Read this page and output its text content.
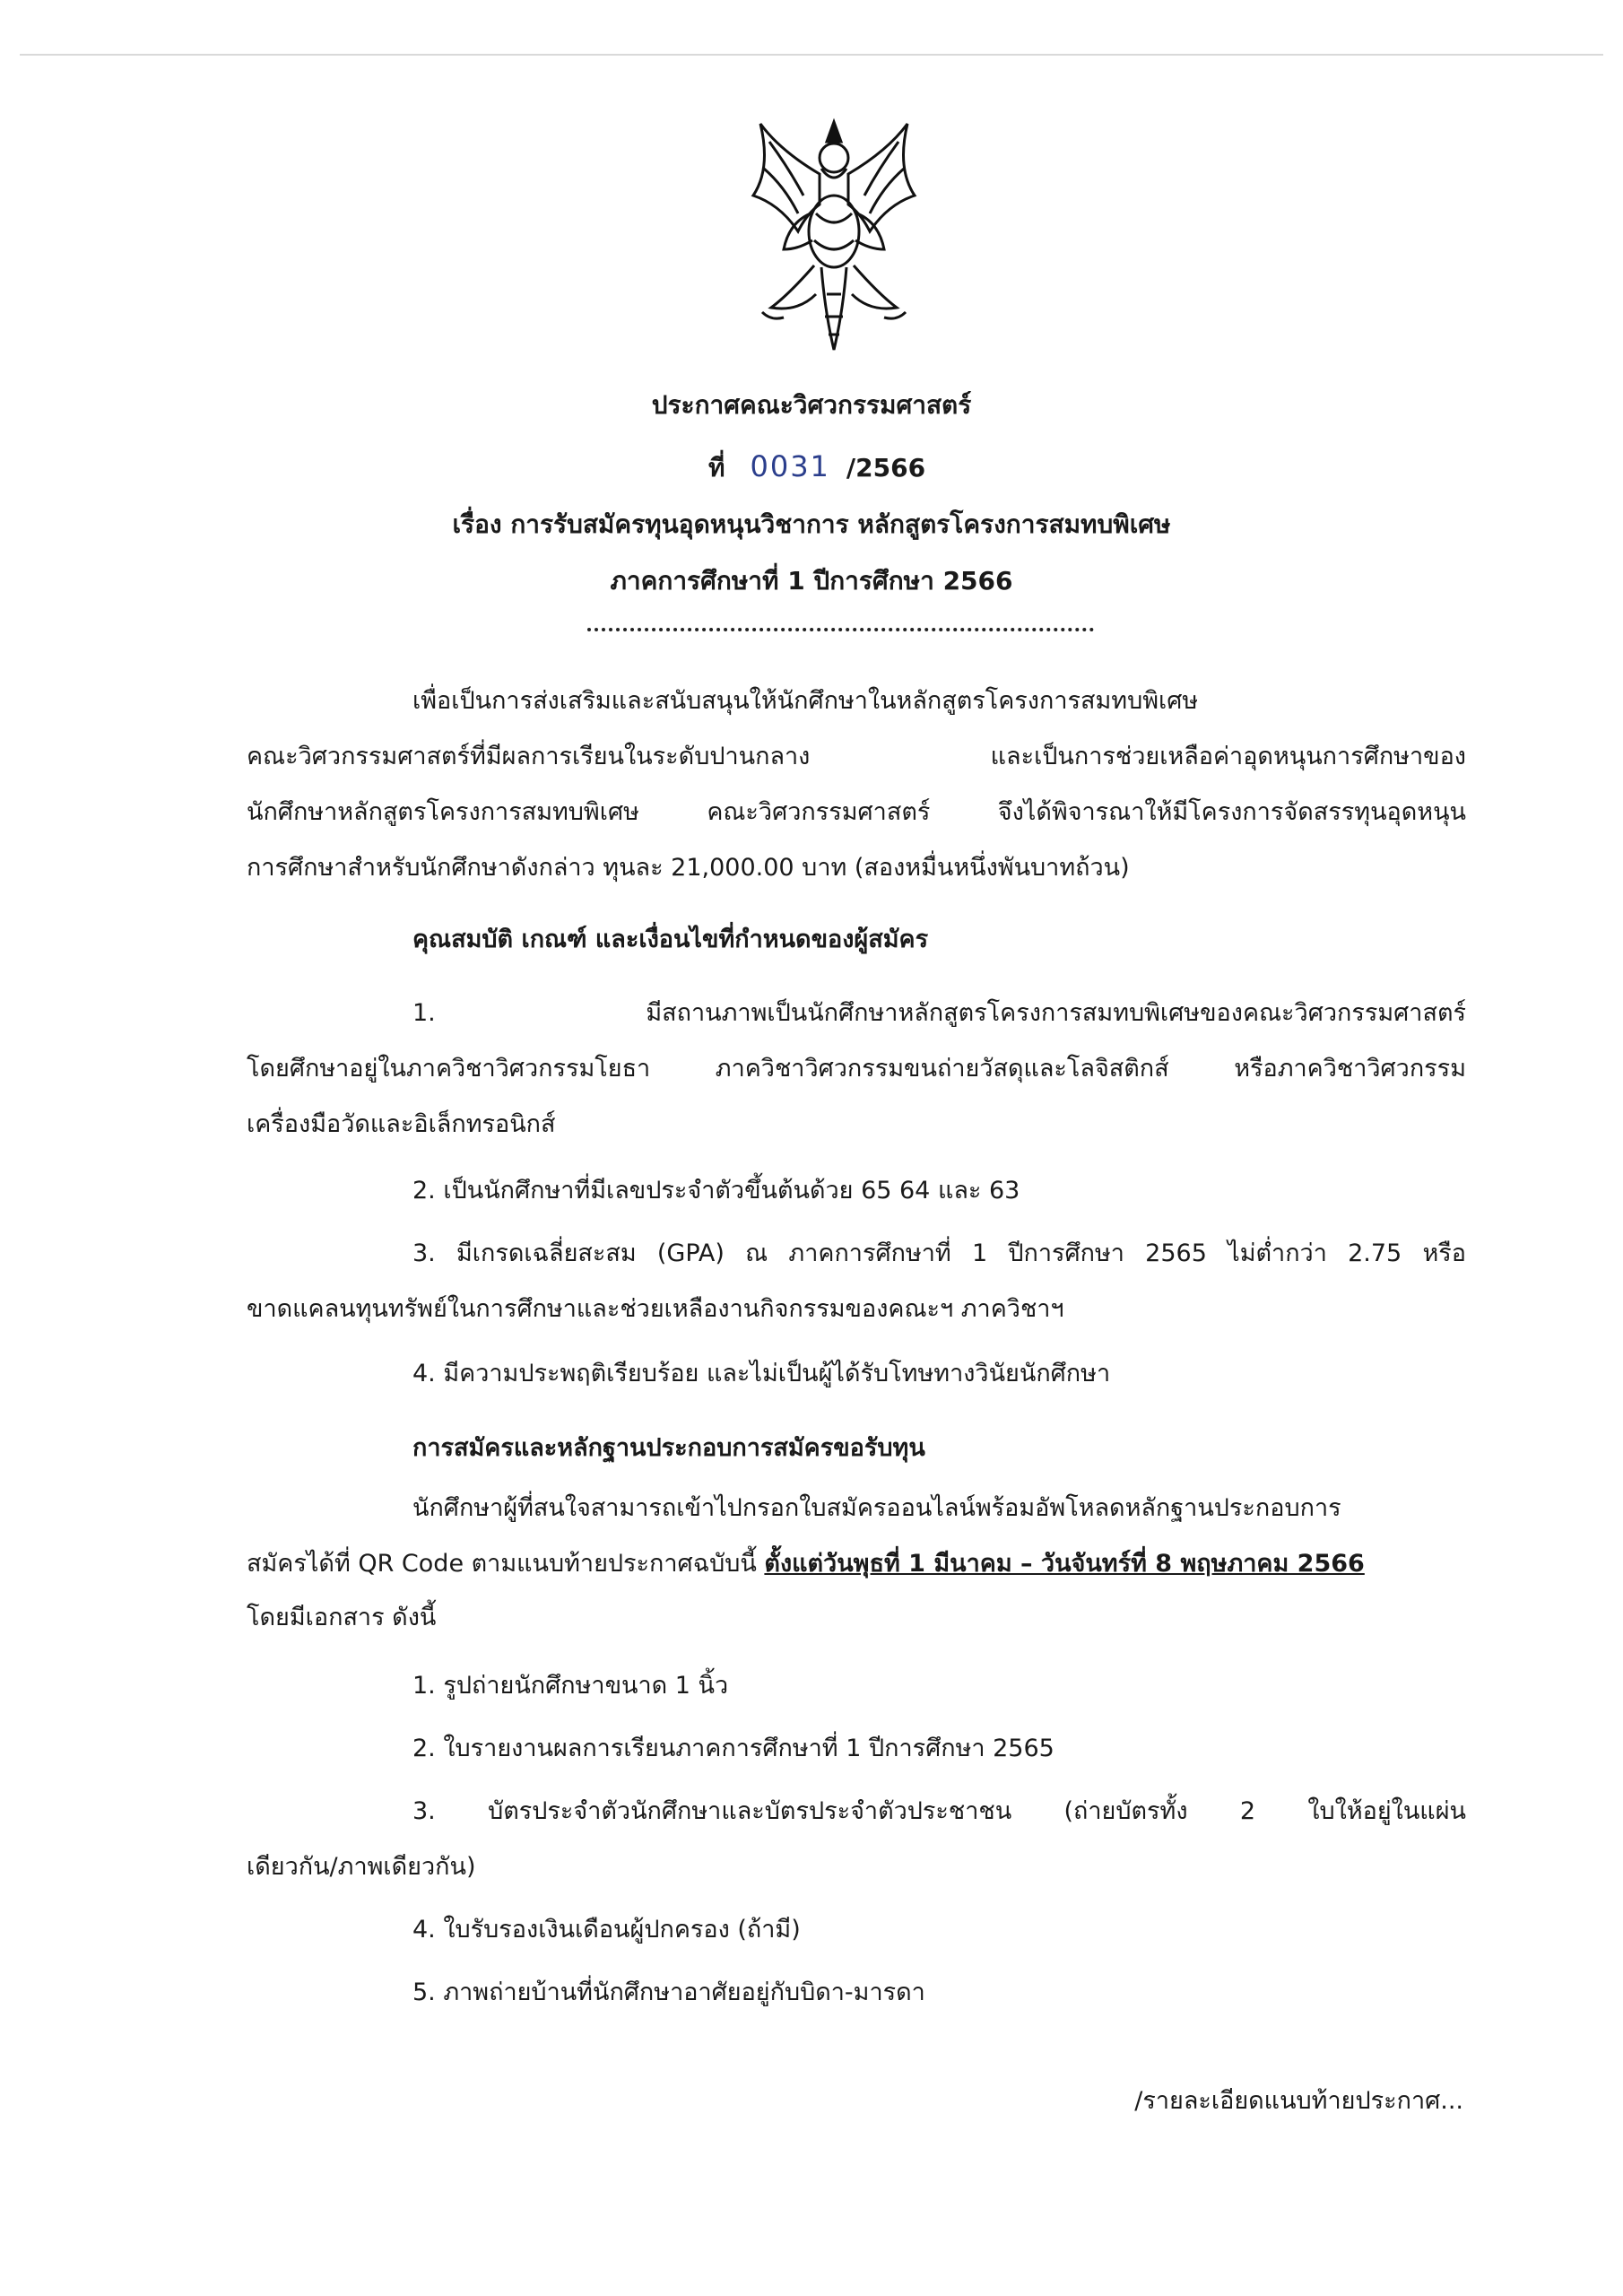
ประกาศคณะวิศวกรรมศาสตร์
ที่ 0031 /2566
เรื่อง การรับสมัครทุนอุดหนุนวิชาการ หลักสูตรโครงการสมทบพิเศษ
ภาคการศึกษาที่ 1 ปีการศึกษา 2566
เพื่อเป็นการส่งเสริมและสนับสนุนให้นักศึกษาในหลักสูตรโครงการสมทบพิเศษ
คณะวิศวกรรมศาสตร์ที่มีผลการเรียนในระดับปานกลาง และเป็นการช่วยเหลือค่าอุดหนุนการศึกษาของ
นักศึกษาหลักสูตรโครงการสมทบพิเศษ คณะวิศวกรรมศาสตร์ จึงได้พิจารณาให้มีโครงการจัดสรรทุนอุดหนุน
การศึกษาสำหรับนักศึกษาดังกล่าว ทุนละ 21,000.00 บาท (สองหมื่นหนึ่งพันบาทถ้วน)
คุณสมบัติ เกณฑ์ และเงื่อนไขที่กำหนดของผู้สมัคร
1. มีสถานภาพเป็นนักศึกษาหลักสูตรโครงการสมทบพิเศษของคณะวิศวกรรมศาสตร์
โดยศึกษาอยู่ในภาควิชาวิศวกรรมโยธา ภาควิชาวิศวกรรมขนถ่ายวัสดุและโลจิสติกส์ หรือภาควิชาวิศวกรรม
เครื่องมือวัดและอิเล็กทรอนิกส์
2. เป็นนักศึกษาที่มีเลขประจำตัวขึ้นต้นด้วย 65 64 และ 63
3. มีเกรดเฉลี่ยสะสม (GPA) ณ ภาคการศึกษาที่ 1 ปีการศึกษา 2565 ไม่ต่ำกว่า 2.75 หรือ
ขาดแคลนทุนทรัพย์ในการศึกษาและช่วยเหลืองานกิจกรรมของคณะฯ ภาควิชาฯ
4. มีความประพฤติเรียบร้อย และไม่เป็นผู้ได้รับโทษทางวินัยนักศึกษา
การสมัครและหลักฐานประกอบการสมัครขอรับทุน
นักศึกษาผู้ที่สนใจสามารถเข้าไปกรอกใบสมัครออนไลน์พร้อมอัพโหลดหลักฐานประกอบการ
สมัครได้ที่ QR Code ตามแนบท้ายประกาศฉบับนี้ ตั้งแต่วันพุธที่ 1 มีนาคม – วันจันทร์ที่ 8 พฤษภาคม 2566
โดยมีเอกสาร ดังนี้
1. รูปถ่ายนักศึกษาขนาด 1 นิ้ว
2. ใบรายงานผลการเรียนภาคการศึกษาที่ 1 ปีการศึกษา 2565
3. บัตรประจำตัวนักศึกษาและบัตรประจำตัวประชาชน (ถ่ายบัตรทั้ง 2 ใบให้อยู่ในแผ่น
เดียวกัน/ภาพเดียวกัน)
4. ใบรับรองเงินเดือนผู้ปกครอง (ถ้ามี)
5. ภาพถ่ายบ้านที่นักศึกษาอาศัยอยู่กับบิดา-มารดา
/รายละเอียดแนบท้ายประกาศ...
